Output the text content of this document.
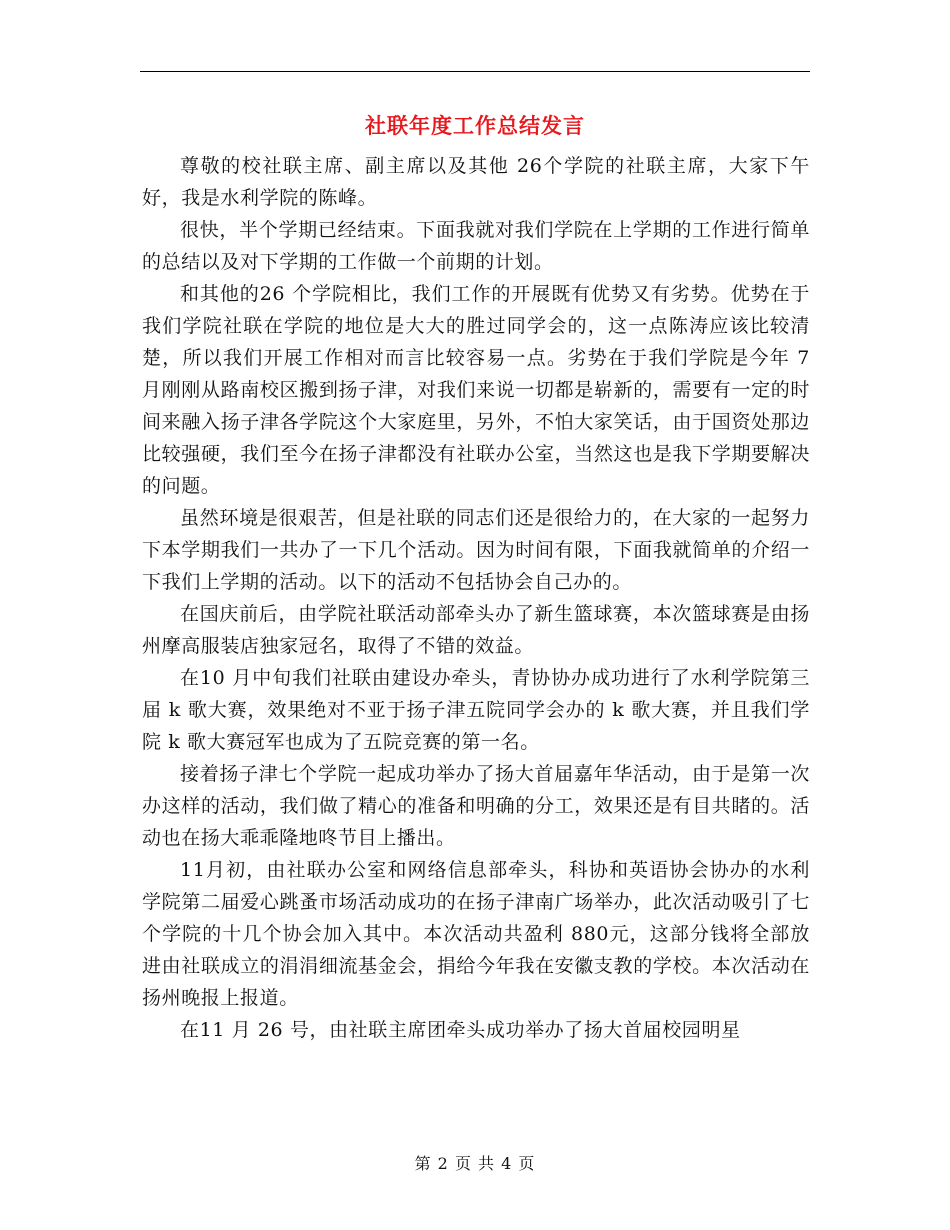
社联年度工作总结发言

尊敬的校社联主席、副主席以及其他 26个学院的社联主席，大家下午好，我是水利学院的陈峰。

很快，半个学期已经结束。下面我就对我们学院在上学期的工作进行简单的总结以及对下学期的工作做一个前期的计划。

和其他的26 个学院相比，我们工作的开展既有优势又有劣势。优势在于我们学院社联在学院的地位是大大的胜过同学会的，这一点陈涛应该比较清楚，所以我们开展工作相对而言比较容易一点。劣势在于我们学院是今年 7 月刚刚从路南校区搬到扬子津，对我们来说一切都是崭新的，需要有一定的时间来融入扬子津各学院这个大家庭里，另外，不怕大家笑话，由于国资处那边比较强硬，我们至今在扬子津都没有社联办公室，当然这也是我下学期要解决的问题。

虽然环境是很艰苦，但是社联的同志们还是很给力的，在大家的一起努力下本学期我们一共办了一下几个活动。因为时间有限，下面我就简单的介绍一下我们上学期的活动。以下的活动不包括协会自己办的。

在国庆前后，由学院社联活动部牵头办了新生篮球赛，本次篮球赛是由扬州摩高服装店独家冠名，取得了不错的效益。

在10 月中旬我们社联由建设办牵头，青协协办成功进行了水利学院第三届 k 歌大赛，效果绝对不亚于扬子津五院同学会办的 k 歌大赛，并且我们学院 k 歌大赛冠军也成为了五院竞赛的第一名。

接着扬子津七个学院一起成功举办了扬大首届嘉年华活动，由于是第一次办这样的活动，我们做了精心的准备和明确的分工，效果还是有目共睹的。活动也在扬大乖乖隆地咚节目上播出。

11月初，由社联办公室和网络信息部牵头，科协和英语协会协办的水利学院第二届爱心跳蚤市场活动成功的在扬子津南广场举办，此次活动吸引了七个学院的十几个协会加入其中。本次活动共盈利 880元，这部分钱将全部放进由社联成立的涓涓细流基金会，捐给今年我在安徽支教的学校。本次活动在扬州晚报上报道。

在11 月 26 号，由社联主席团牵头成功举办了扬大首届校园明星

第 2 页 共 4 页
